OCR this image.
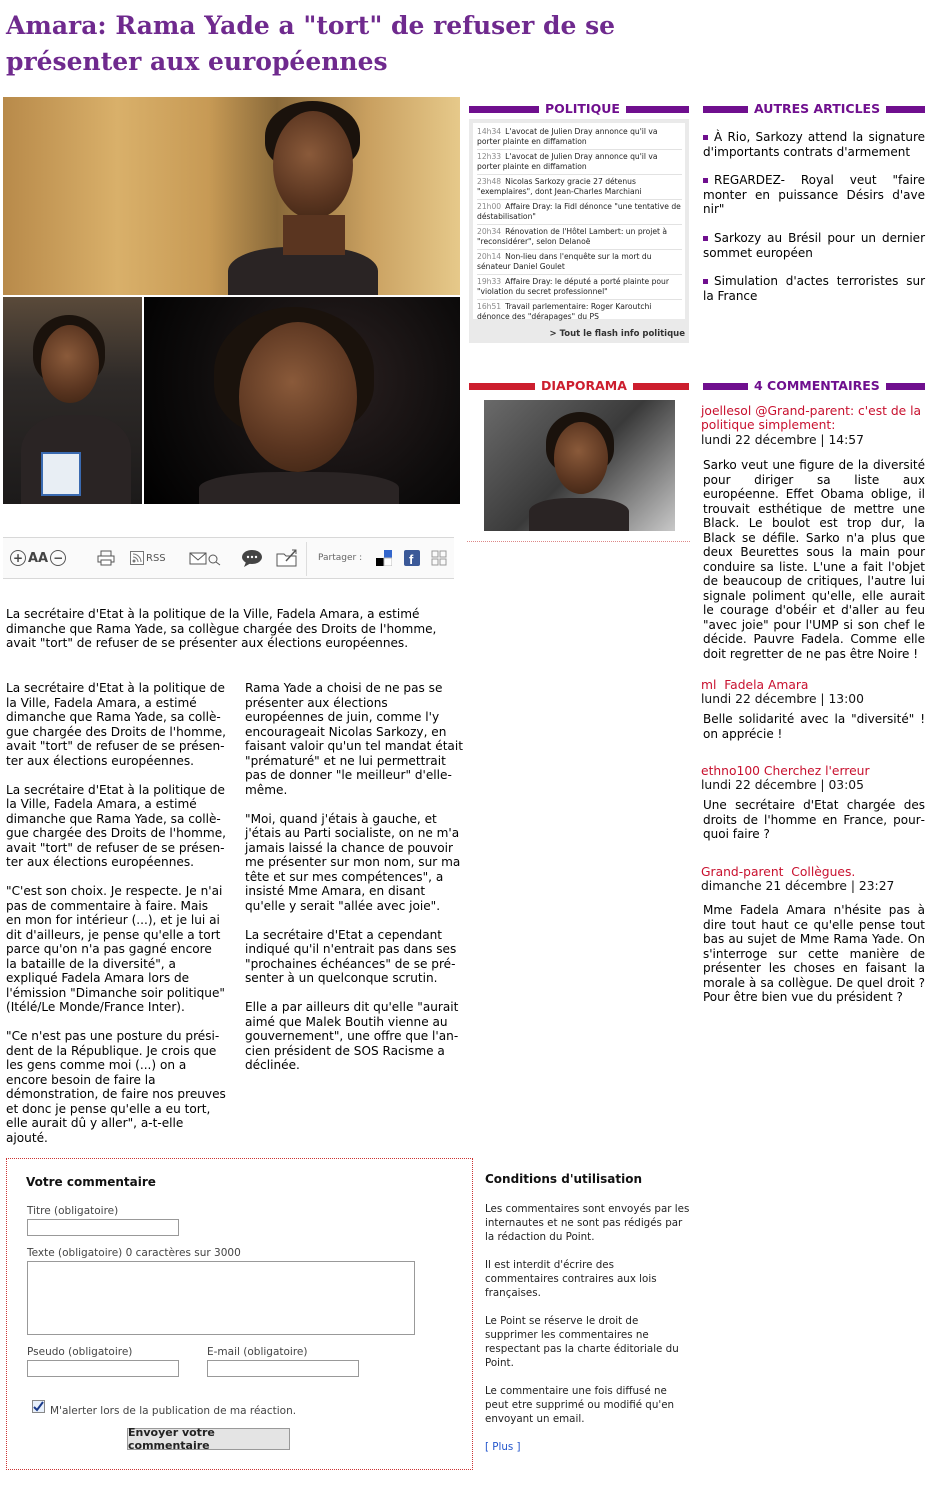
Amara: Rama Yade a "tort" de refuser de se présenter aux européennes
POLITIQUE
14h34 L'avocat de Julien Dray annonce qu'il va porter plainte en diffamation
12h33 L'avocat de Julien Dray annonce qu'il va porter plainte en diffamation
23h48 Nicolas Sarkozy gracie 27 détenus "exemplaires", dont Jean-Charles Marchiani
21h00 Affaire Dray: la Fidl dénonce "une tentative de déstabilisation"
20h34 Rénovation de l'Hôtel Lambert: un projet à "reconsidérer", selon Delanoë
20h14 Non-lieu dans l'enquête sur la mort du sénateur Daniel Goulet
19h33 Affaire Dray: le député a porté plainte pour "violation du secret professionnel"
16h51 Travail parlementaire: Roger Karoutchi dénonce des "dérapages" du PS
> Tout le flash info politique
AUTRES ARTICLES
À Rio, Sarkozy attend la signature d'importants contrats d'armement
REGARDEZ- Royal veut "faire monter en puissance Désirs d'ave nir"
Sarkozy au Brésil pour un dernier sommet européen
Simulation d'actes terroristes sur la France
DIAPORAMA	4 COMMENTAIRES
joellesol @Grand-parent: c'est de la politique simplement:
lundi 22 décembre | 14:57
Sarko veut une figure de la diversité pour diriger sa liste aux européenne. Effet Obama oblige, il trouvait esthétique de mettre une Black. Le boulot est trop dur, la Black se défile. Sarko n'a plus que deux Beurettes sous la main pour conduire sa liste. L'une a fait l'objet de beaucoup de critiques, l'autre lui signale poliment qu'elle, elle aurait le courage d'obéir et d'aller au feu "avec joie" pour l'UMP si son chef le décide. Pauvre Fadela. Comme elle doit regretter de ne pas être Noire !
ml Fadela Amara
lundi 22 décembre | 13:00
Belle solidarité avec la "diversité" ! on apprécie !
ethno100 Cherchez l'erreur
lundi 22 décembre | 03:05
Une secrétaire d'Etat chargée des droits de l'homme en France, pourquoi faire ?
Grand-parent Collègues.
dimanche 21 décembre | 23:27
Mme Fadela Amara n'hésite pas à dire tout haut ce qu'elle pense tout bas au sujet de Mme Rama Yade. On s'interroge sur cette manière de présenter les choses en faisant la morale à sa collègue. De quel droit ? Pour être bien vue du président ?
+ AA −	RSS	Partager :	f
La secrétaire d'Etat à la politique de la Ville, Fadela Amara, a estimé dimanche que Rama Yade, sa collègue chargée des Droits de l'homme, avait "tort" de refuser de se présenter aux élections européennes.

La secrétaire d'Etat à la politique de la Ville, Fadela Amara, a estimé dimanche que Rama Yade, sa collègue chargée des Droits de l'homme, avait "tort" de refuser de se présenter aux élections européennes.

La secrétaire d'Etat à la politique de la Ville, Fadela Amara, a estimé dimanche que Rama Yade, sa collègue chargée des Droits de l'homme, avait "tort" de refuser de se présenter aux élections européennes.

"C'est son choix. Je respecte. Je n'ai pas de commentaire à faire. Mais en mon for intérieur (...), et je lui ai dit d'ailleurs, je pense qu'elle a tort parce qu'on n'a pas gagné encore la bataille de la diversité", a expliqué Fadela Amara lors de l'émission "Dimanche soir politique" (Itélé/Le Monde/France Inter).

"Ce n'est pas une posture du président de la République. Je crois que les gens comme moi (...) on a encore besoin de faire la démonstration, de faire nos preuves et donc je pense qu'elle a eu tort, elle aurait dû y aller", a-t-elle ajouté.

Rama Yade a choisi de ne pas se présenter aux élections européennes de juin, comme l'y encourageait Nicolas Sarkozy, en faisant valoir qu'un tel mandat était "prématuré" et ne lui permettrait pas de donner "le meilleur" d'elle-même.

"Moi, quand j'étais à gauche, et j'étais au Parti socialiste, on ne m'a jamais laissé la chance de pouvoir me présenter sur mon nom, sur ma tête et sur mes compétences", a insisté Mme Amara, en disant qu'elle y serait "allée avec joie".

La secrétaire d'Etat a cependant indiqué qu'il n'entrait pas dans ses "prochaines échéances" de se présenter à un quelconque scrutin.

Elle a par ailleurs dit qu'elle "aurait aimé que Malek Boutih vienne au gouvernement", une offre que l'ancien président de SOS Racisme a déclinée.

Votre commentaire
Titre (obligatoire)
Texte (obligatoire) 0 caractères sur 3000
Pseudo (obligatoire)	E-mail (obligatoire)
M'alerter lors de la publication de ma réaction.
Envoyer votre commentaire
Conditions d'utilisation

Les commentaires sont envoyés par les internautes et ne sont pas rédigés par la rédaction du Point.

Il est interdit d'écrire des commentaires contraires aux lois françaises.

Le Point se réserve le droit de supprimer les commentaires ne respectant pas la charte éditoriale du Point.

Le commentaire une fois diffusé ne peut etre supprimé ou modifié qu'en envoyant un email.

[ Plus ]
